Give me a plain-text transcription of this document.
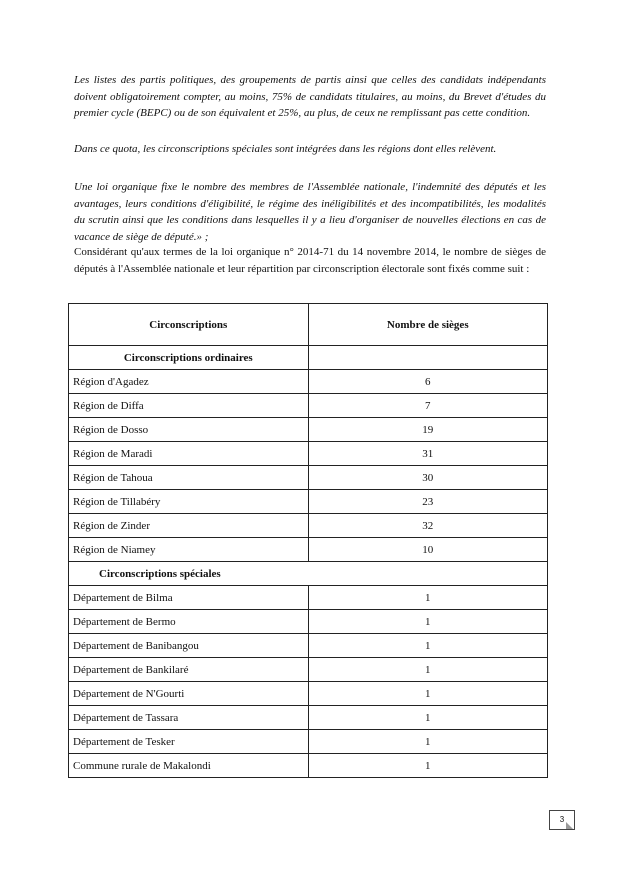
Les listes des partis politiques, des groupements de partis ainsi que celles des candidats indépendants doivent obligatoirement compter, au moins, 75% de candidats titulaires, au moins, du Brevet d'études du premier cycle (BEPC) ou de son équivalent et 25%, au plus, de ceux ne remplissant pas cette condition.

Dans ce quota, les circonscriptions spéciales sont intégrées dans les régions dont elles relèvent.

Une loi organique fixe le nombre des membres de l'Assemblée nationale, l'indemnité des députés et les avantages, leurs conditions d'éligibilité, le régime des inéligibilités et des incompatibilités, les modalités du scrutin ainsi que les conditions dans lesquelles il y a lieu d'organiser de nouvelles élections en cas de vacance de siège de député.» ;

Considérant qu'aux termes de la loi organique n° 2014-71 du 14 novembre 2014, le nombre de sièges de députés à l'Assemblée nationale et leur répartition par circonscription électorale sont fixés comme suit :

Circonscriptions	Nombre de sièges
Circonscriptions ordinaires	
Région d'Agadez	6
Région de Diffa	7
Région de Dosso	19
Région de Maradi	31
Région de Tahoua	30
Région de Tillabéry	23
Région de Zinder	32
Région de Niamey	10
Circonscriptions spéciales	
Département de Bilma	1
Département de Bermo	1
Département de Banibangou	1
Département de Bankilaré	1
Département de N'Gourti	1
Département de Tassara	1
Département de Tesker	1
Commune rurale de Makalondi	1
3
